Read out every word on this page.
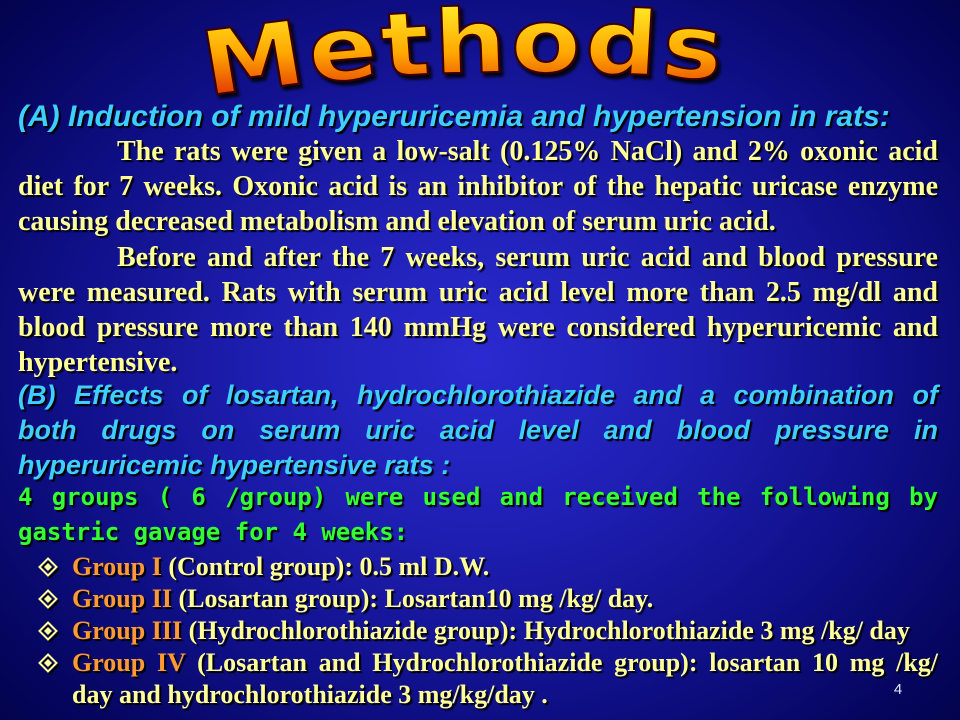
Methods
(A) Induction of mild hyperuricemia and hypertension in rats:
The rats were given a low-salt (0.125% NaCl) and 2% oxonic acid
diet for 7 weeks. Oxonic acid is an inhibitor of the hepatic uricase enzyme
causing decreased metabolism and elevation of serum uric acid.
Before and after the 7 weeks, serum uric acid and blood pressure
were measured. Rats with serum uric acid level more than 2.5 mg/dl and
blood pressure more than 140 mmHg were considered hyperuricemic and
hypertensive.
(B) Effects of losartan, hydrochlorothiazide and a combination of
both drugs on serum uric acid level and blood pressure in
hyperuricemic hypertensive rats :
4 groups ( 6 /group) were used and received the following by
gastric gavage for 4 weeks:
Group I (Control group): 0.5 ml D.W.
Group II (Losartan group): Losartan10 mg /kg/ day.
Group III (Hydrochlorothiazide group): Hydrochlorothiazide 3 mg /kg/ day
Group IV (Losartan and Hydrochlorothiazide group): losartan 10 mg /kg/
day and hydrochlorothiazide 3 mg/kg/day .	4
